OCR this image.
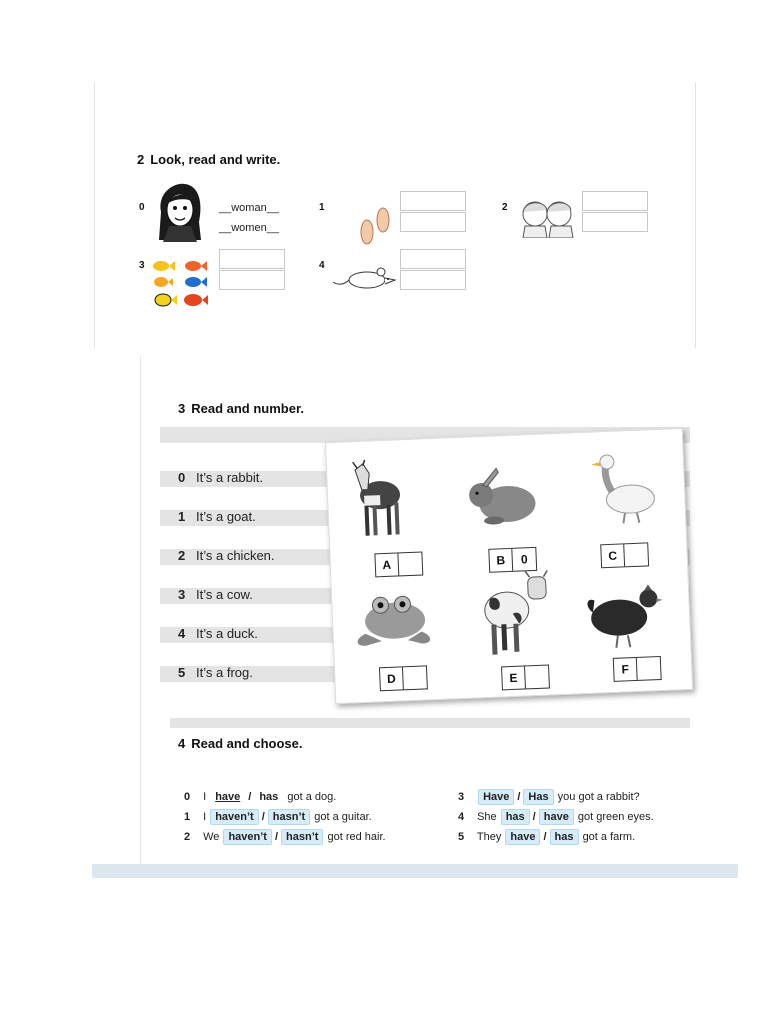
2 Look, read and write.
0	__woman__
__women__
1	2
3	4
3 Read and number.
0 It’s a rabbit.
1 It’s a goat.
2 It’s a chicken.
3 It’s a cow.
4 It’s a duck.
5 It’s a frog.
A	B	0	C
D	E
F
4 Read and choose.
0 I have / has got a dog.
1 I haven’t / hasn’t got a guitar.
2 We haven’t / hasn’t got red hair.
3 Have / Has you got a rabbit?
4 She has / have got green eyes.
5 They have / has got a farm.
